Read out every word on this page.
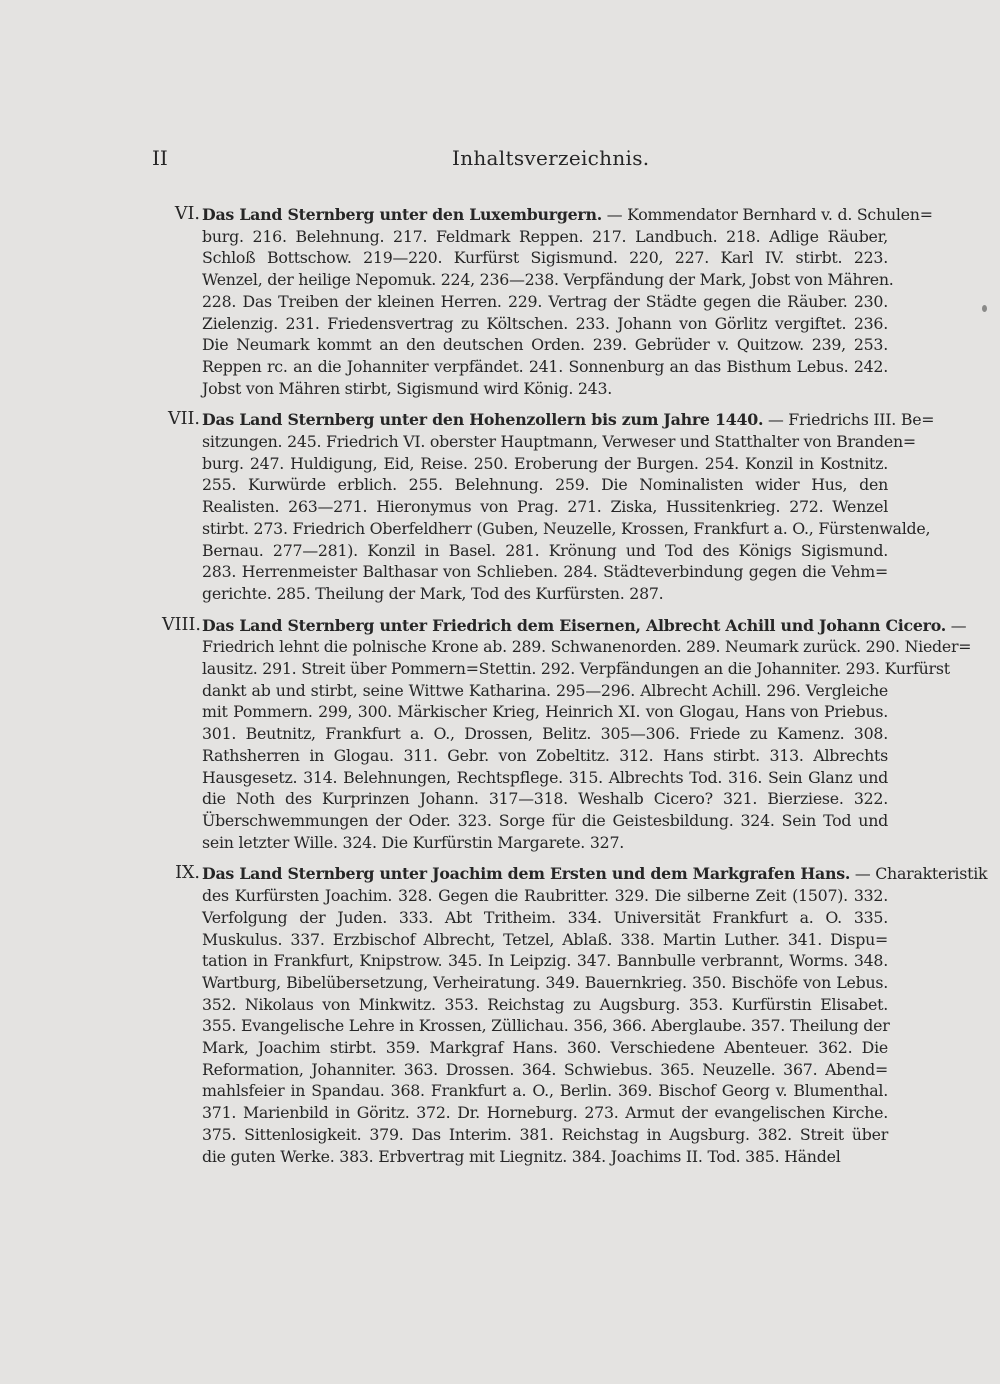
II	Inhaltsverzeichnis.
VI. Das Land Sternberg unter den Luxemburgern. — Kommendator Bernhard v. d. Schulen=
burg. 216. Belehnung. 217. Feldmark Reppen. 217. Landbuch. 218. Adlige Räuber,
Schloß Bottschow. 219—220. Kurfürst Sigismund. 220, 227. Karl IV. stirbt. 223.
Wenzel, der heilige Nepomuk. 224, 236—238. Verpfändung der Mark, Jobst von Mähren.
228. Das Treiben der kleinen Herren. 229. Vertrag der Städte gegen die Räuber. 230.
Zielenzig. 231. Friedensvertrag zu Költschen. 233. Johann von Görlitz vergiftet. 236.
Die Neumark kommt an den deutschen Orden. 239. Gebrüder v. Quitzow. 239, 253.
Reppen rc. an die Johanniter verpfändet. 241. Sonnenburg an das Bisthum Lebus. 242.
Jobst von Mähren stirbt, Sigismund wird König. 243.
VII. Das Land Sternberg unter den Hohenzollern bis zum Jahre 1440. — Friedrichs III. Be=
sitzungen. 245. Friedrich VI. oberster Hauptmann, Verweser und Statthalter von Branden=
burg. 247. Huldigung, Eid, Reise. 250. Eroberung der Burgen. 254. Konzil in Kostnitz.
255. Kurwürde erblich. 255. Belehnung. 259. Die Nominalisten wider Hus, den
Realisten. 263—271. Hieronymus von Prag. 271. Ziska, Hussitenkrieg. 272. Wenzel
stirbt. 273. Friedrich Oberfeldherr (Guben, Neuzelle, Krossen, Frankfurt a. O., Fürstenwalde,
Bernau. 277—281). Konzil in Basel. 281. Krönung und Tod des Königs Sigismund.
283. Herrenmeister Balthasar von Schlieben. 284. Städteverbindung gegen die Vehm=
gerichte. 285. Theilung der Mark, Tod des Kurfürsten. 287.
VIII. Das Land Sternberg unter Friedrich dem Eisernen, Albrecht Achill und Johann Cicero. —
Friedrich lehnt die polnische Krone ab. 289. Schwanenorden. 289. Neumark zurück. 290. Nieder=
lausitz. 291. Streit über Pommern=Stettin. 292. Verpfändungen an die Johanniter. 293. Kurfürst
dankt ab und stirbt, seine Wittwe Katharina. 295—296. Albrecht Achill. 296. Vergleiche
mit Pommern. 299, 300. Märkischer Krieg, Heinrich XI. von Glogau, Hans von Priebus.
301. Beutnitz, Frankfurt a. O., Drossen, Belitz. 305—306. Friede zu Kamenz. 308.
Rathsherren in Glogau. 311. Gebr. von Zobeltitz. 312. Hans stirbt. 313. Albrechts
Hausgesetz. 314. Belehnungen, Rechtspflege. 315. Albrechts Tod. 316. Sein Glanz und
die Noth des Kurprinzen Johann. 317—318. Weshalb Cicero? 321. Bierziese. 322.
Überschwemmungen der Oder. 323. Sorge für die Geistesbildung. 324. Sein Tod und
sein letzter Wille. 324. Die Kurfürstin Margarete. 327.
IX. Das Land Sternberg unter Joachim dem Ersten und dem Markgrafen Hans. — Charakteristik
des Kurfürsten Joachim. 328. Gegen die Raubritter. 329. Die silberne Zeit (1507). 332.
Verfolgung der Juden. 333. Abt Tritheim. 334. Universität Frankfurt a. O. 335.
Muskulus. 337. Erzbischof Albrecht, Tetzel, Ablaß. 338. Martin Luther. 341. Dispu=
tation in Frankfurt, Knipstrow. 345. In Leipzig. 347. Bannbulle verbrannt, Worms. 348.
Wartburg, Bibelübersetzung, Verheiratung. 349. Bauernkrieg. 350. Bischöfe von Lebus.
352. Nikolaus von Minkwitz. 353. Reichstag zu Augsburg. 353. Kurfürstin Elisabet.
355. Evangelische Lehre in Krossen, Züllichau. 356, 366. Aberglaube. 357. Theilung der
Mark, Joachim stirbt. 359. Markgraf Hans. 360. Verschiedene Abenteuer. 362. Die
Reformation, Johanniter. 363. Drossen. 364. Schwiebus. 365. Neuzelle. 367. Abend=
mahlsfeier in Spandau. 368. Frankfurt a. O., Berlin. 369. Bischof Georg v. Blumenthal.
371. Marienbild in Göritz. 372. Dr. Horneburg. 273. Armut der evangelischen Kirche.
375. Sittenlosigkeit. 379. Das Interim. 381. Reichstag in Augsburg. 382. Streit über
die guten Werke. 383. Erbvertrag mit Liegnitz. 384. Joachims II. Tod. 385. Händel
